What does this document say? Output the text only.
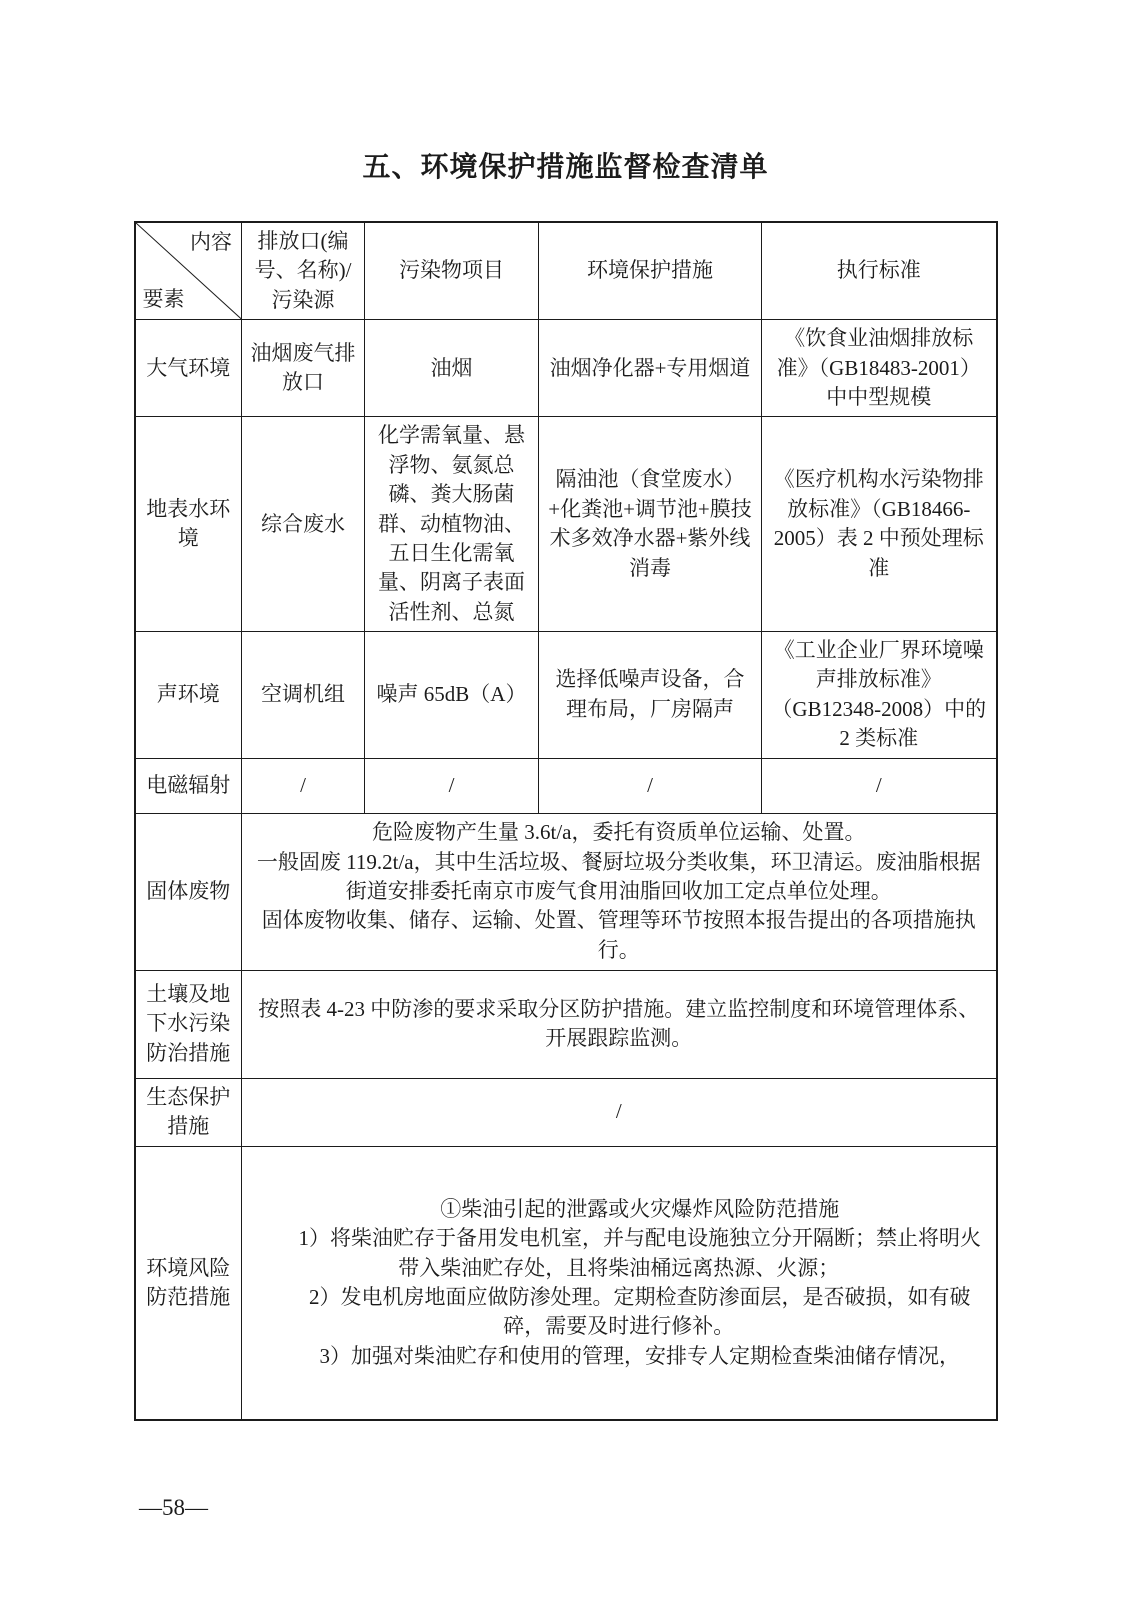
五、环境保护措施监督检查清单
内容
要素	排放口(编号、名称)/污染源	污染物项目	环境保护措施	执行标准
大气环境	油烟废气排放口	油烟	油烟净化器+专用烟道	《饮食业油烟排放标准》（GB18483-2001）中中型规模
地表水环境	综合废水	化学需氧量、悬浮物、氨氮总磷、粪大肠菌群、动植物油、五日生化需氧量、阴离子表面活性剂、总氮	隔油池（食堂废水）+化粪池+调节池+膜技术多效净水器+紫外线消毒	《医疗机构水污染物排放标准》（GB18466-2005）表 2 中预处理标准
声环境	空调机组	噪声 65dB（A）	选择低噪声设备，合理布局，厂房隔声	《工业企业厂界环境噪声排放标准》（GB12348-2008）中的 2 类标准
电磁辐射	/	/	/	/
固体废物	危险废物产生量 3.6t/a，委托有资质单位运输、处置。

一般固废 119.2t/a，其中生活垃圾、餐厨垃圾分类收集，环卫清运。废油脂根据街道安排委托南京市废气食用油脂回收加工定点单位处理。

固体废物收集、储存、运输、处置、管理等环节按照本报告提出的各项措施执行。			

土壤及地下水污染防治措施	按照表 4-23 中防渗的要求采取分区防护措施。建立监控制度和环境管理体系、开展跟踪监测。			
生态保护措施	/			
环境风险防范措施	①柴油引起的泄露或火灾爆炸风险防范措施

1）将柴油贮存于备用发电机室，并与配电设施独立分开隔断；禁止将明火带入柴油贮存处，且将柴油桶远离热源、火源；

2）发电机房地面应做防渗处理。定期检查防渗面层，是否破损，如有破碎，需要及时进行修补。

3）加强对柴油贮存和使用的管理，安排专人定期检查柴油储存情况，			

—58—
